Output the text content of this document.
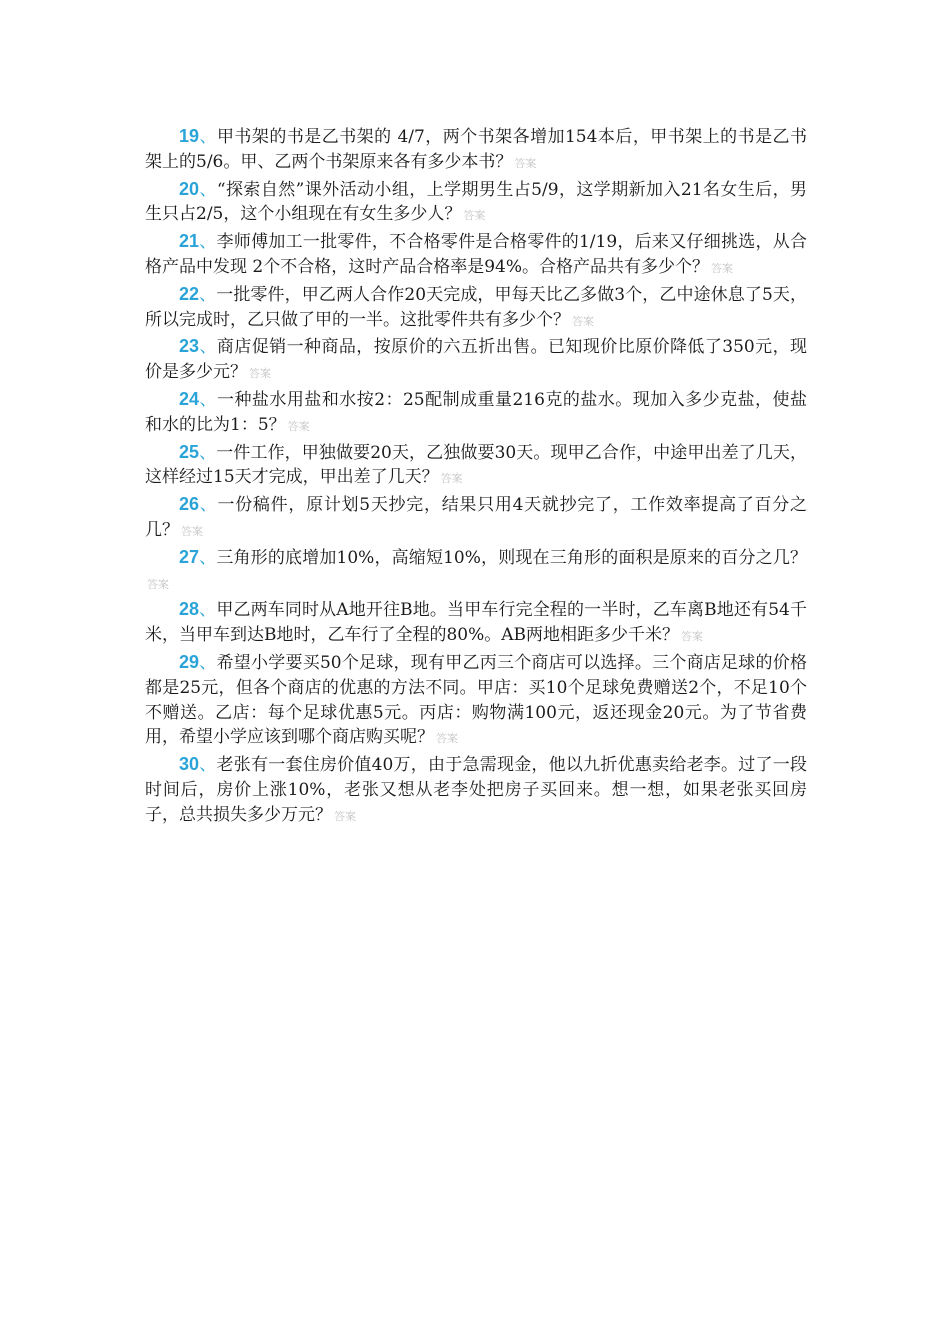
19、甲书架的书是乙书架的 4/7，两个书架各增加154本后，甲书架上的书是乙书架上的5/6。甲、乙两个书架原来各有多少本书？ 答案

20、“探索自然”课外活动小组，上学期男生占5/9，这学期新加入21名女生后，男生只占2/5，这个小组现在有女生多少人？ 答案

21、李师傅加工一批零件，不合格零件是合格零件的1/19，后来又仔细挑选，从合格产品中发现 2个不合格，这时产品合格率是94%。合格产品共有多少个？ 答案

22、一批零件，甲乙两人合作20天完成，甲每天比乙多做3个，乙中途休息了5天，所以完成时，乙只做了甲的一半。这批零件共有多少个？ 答案

23、商店促销一种商品，按原价的六五折出售。已知现价比原价降低了350元，现价是多少元？ 答案

24、一种盐水用盐和水按2：25配制成重量216克的盐水。现加入多少克盐，使盐和水的比为1：5？ 答案

25、一件工作，甲独做要20天，乙独做要30天。现甲乙合作，中途甲出差了几天，这样经过15天才完成，甲出差了几天？ 答案

26、一份稿件，原计划5天抄完，结果只用4天就抄完了，工作效率提高了百分之几？ 答案

27、三角形的底增加10%，高缩短10%，则现在三角形的面积是原来的百分之几？答案

28、甲乙两车同时从A地开往B地。当甲车行完全程的一半时，乙车离B地还有54千米，当甲车到达B地时，乙车行了全程的80%。AB两地相距多少千米？ 答案

29、希望小学要买50个足球，现有甲乙丙三个商店可以选择。三个商店足球的价格都是25元，但各个商店的优惠的方法不同。甲店：买10个足球免费赠送2个，不足10个不赠送。乙店：每个足球优惠5元。丙店：购物满100元，返还现金20元。为了节省费用，希望小学应该到哪个商店购买呢？ 答案

30、老张有一套住房价值40万，由于急需现金，他以九折优惠卖给老李。过了一段时间后，房价上涨10%，老张又想从老李处把房子买回来。想一想，如果老张买回房子，总共损失多少万元？ 答案
